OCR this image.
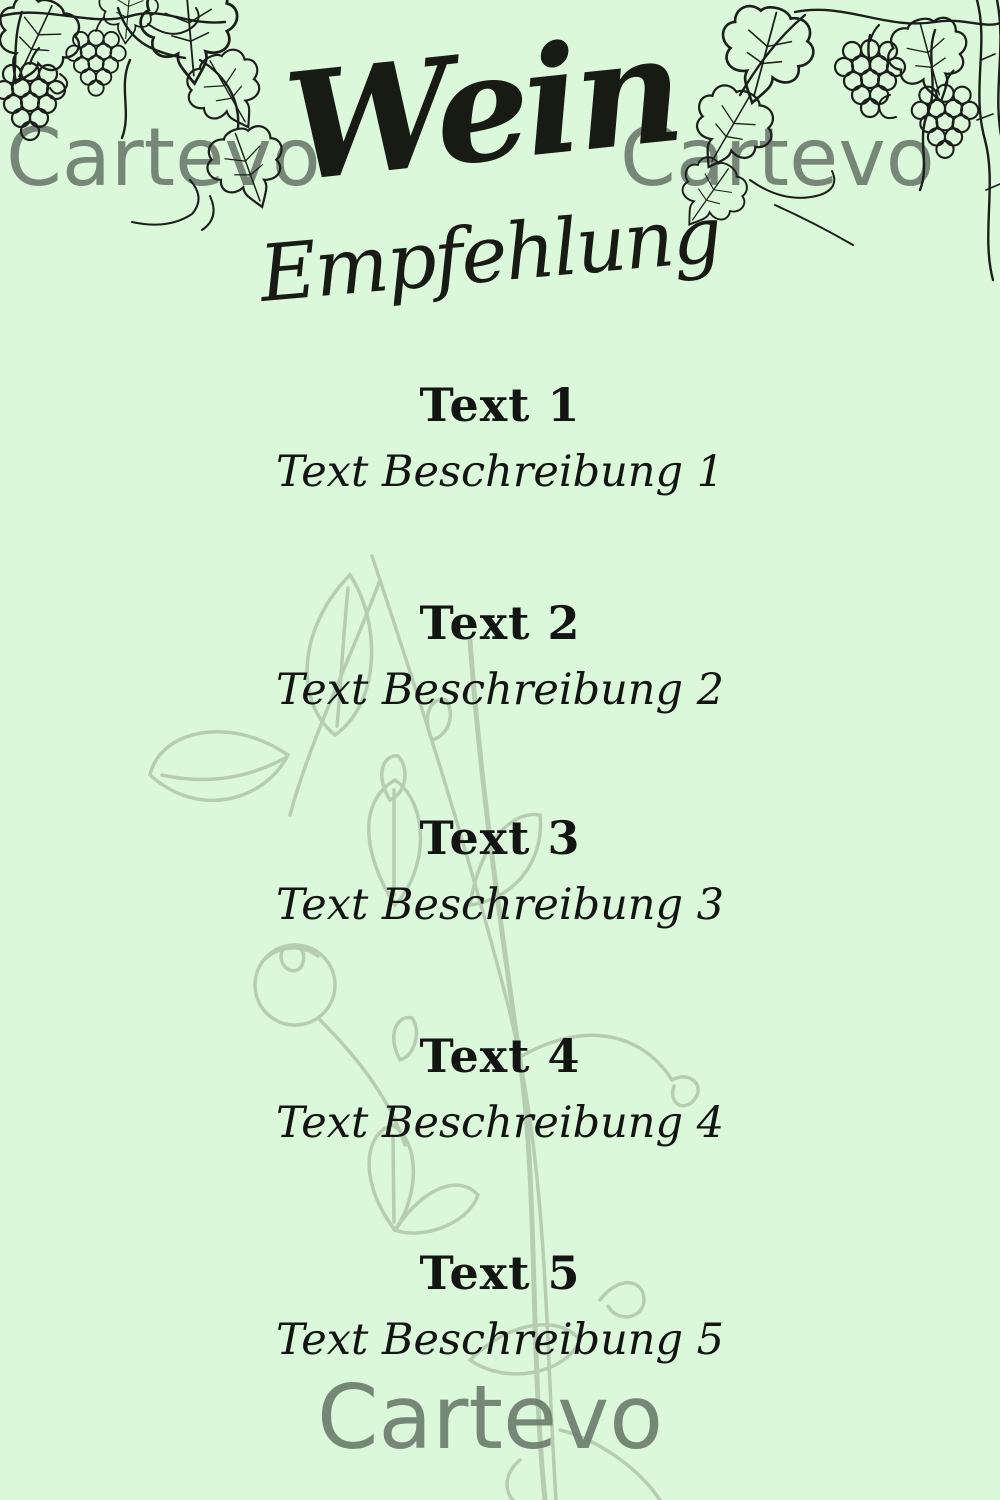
Cartevo	Cartevo
Cartevo
Wein
Empfehlung
Text 1
Text Beschreibung 1
Text 2
Text Beschreibung 2
Text 3
Text Beschreibung 3
Text 4
Text Beschreibung 4
Text 5
Text Beschreibung 5
